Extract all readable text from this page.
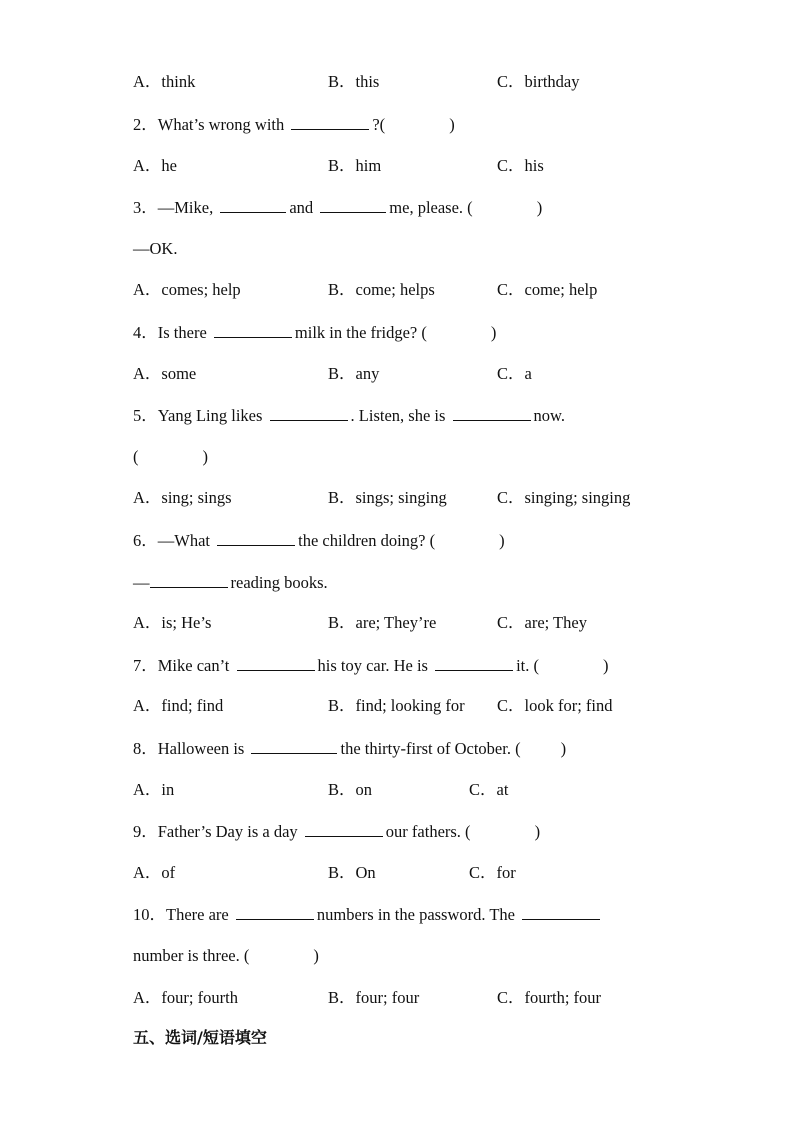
A．think	B．this	C．birthday
2．What’s wrong with	?(	)
A．he	B．him	C．his
3．—Mike,	and	me, please. (	)
—OK.
A．comes; help	B．come; helps	C．come; help
4．Is there	milk in the fridge? (	)
A．some	B．any	C．a
5．Yang Ling likes	. Listen, she is	now.
(	)
A．sing; sings	B．sings; singing	C．singing; singing
6．—What	the children doing? (	)
—	reading books.
A．is; He’s	B．are; They’re	C．are; They
7．Mike can’t	his toy car. He is	it. (	)
A．find; find	B．find; looking for C．look for; find
8．Halloween is	the thirty-first of October. ( )
A．in	B．on	C．at
9．Father’s Day is a day	our fathers. (	)
A．of	B．On	C．for
10．There are	numbers in the password. The
number is three. (	)
A．four; fourth	B．four; four	C．fourth; four
五、选词/短语填空
